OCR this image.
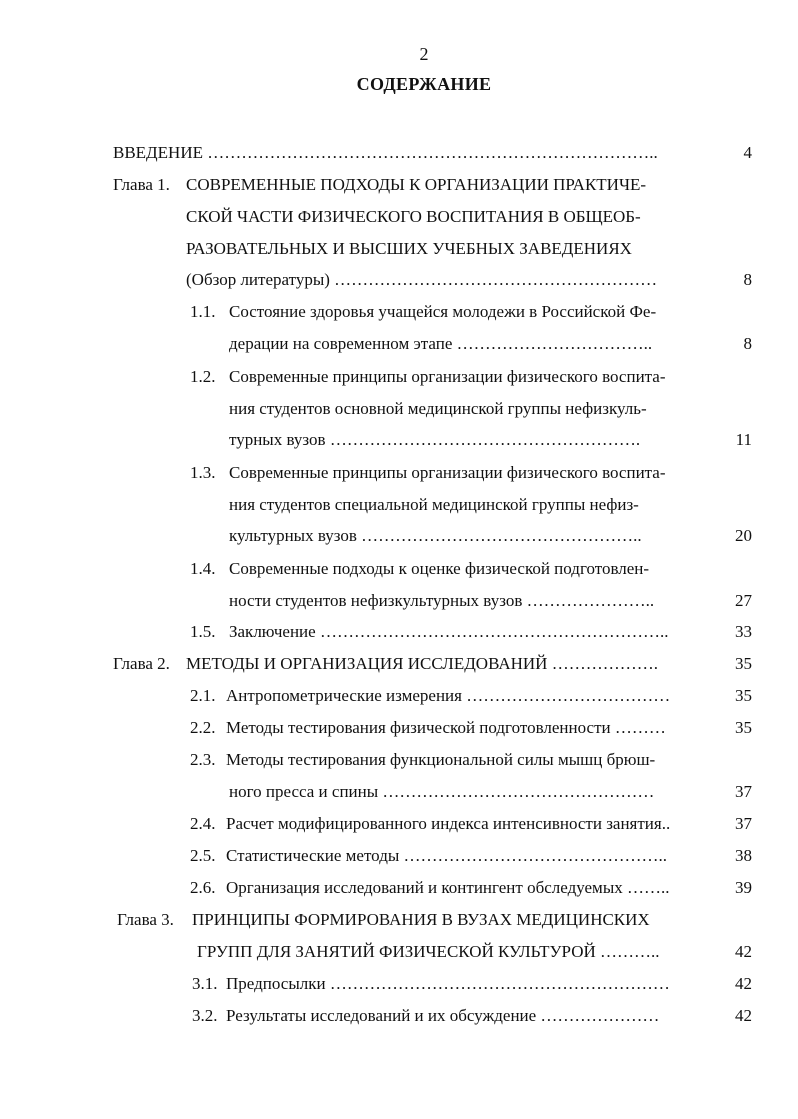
2
СОДЕРЖАНИЕ
ВВЕДЕНИЕ ……………………………………………………………………..	4
Глава 1. СОВРЕМЕННЫЕ ПОДХОДЫ К ОРГАНИЗАЦИИ ПРАКТИЧЕ-
СКОЙ ЧАСТИ ФИЗИЧЕСКОГО ВОСПИТАНИЯ В ОБЩЕОБ-
РАЗОВАТЕЛЬНЫХ И ВЫСШИХ УЧЕБНЫХ ЗАВЕДЕНИЯХ
(Обзор литературы) …………………………………………………	8
1.1. Состояние здоровья учащейся молодежи в Российской Фе-
дерации на современном этапе ……………………………..	8
1.2. Современные принципы организации физического воспита-
ния студентов основной медицинской группы нефизкуль-
турных вузов ……………………………………………….	11
1.3. Современные принципы организации физического воспита-
ния студентов специальной медицинской группы нефиз-
культурных вузов …………………………………………..	20
1.4. Современные подходы к оценке физической подготовлен-
ности студентов нефизкультурных вузов …………………..	27
1.5. Заключение ……………………………………………………..	33
Глава 2. МЕТОДЫ И ОРГАНИЗАЦИЯ ИССЛЕДОВАНИЙ ……………….	35
2.1. Антропометрические измерения ………………………………	35
2.2. Методы тестирования физической подготовленности ………	35
2.3. Методы тестирования функциональной силы мышц брюш-
ного пресса и спины …………………………………………	37
2.4. Расчет модифицированного индекса интенсивности занятия..	37
2.5. Статистические методы ………………………………………..	38
2.6. Организация исследований и контингент обследуемых ……..	39
Глава 3. ПРИНЦИПЫ ФОРМИРОВАНИЯ В ВУЗАХ МЕДИЦИНСКИХ
ГРУПП ДЛЯ ЗАНЯТИЙ ФИЗИЧЕСКОЙ КУЛЬТУРОЙ ………..	42
3.1. Предпосылки ……………………………………………………	42
3.2. Результаты исследований и их обсуждение …………………	42
